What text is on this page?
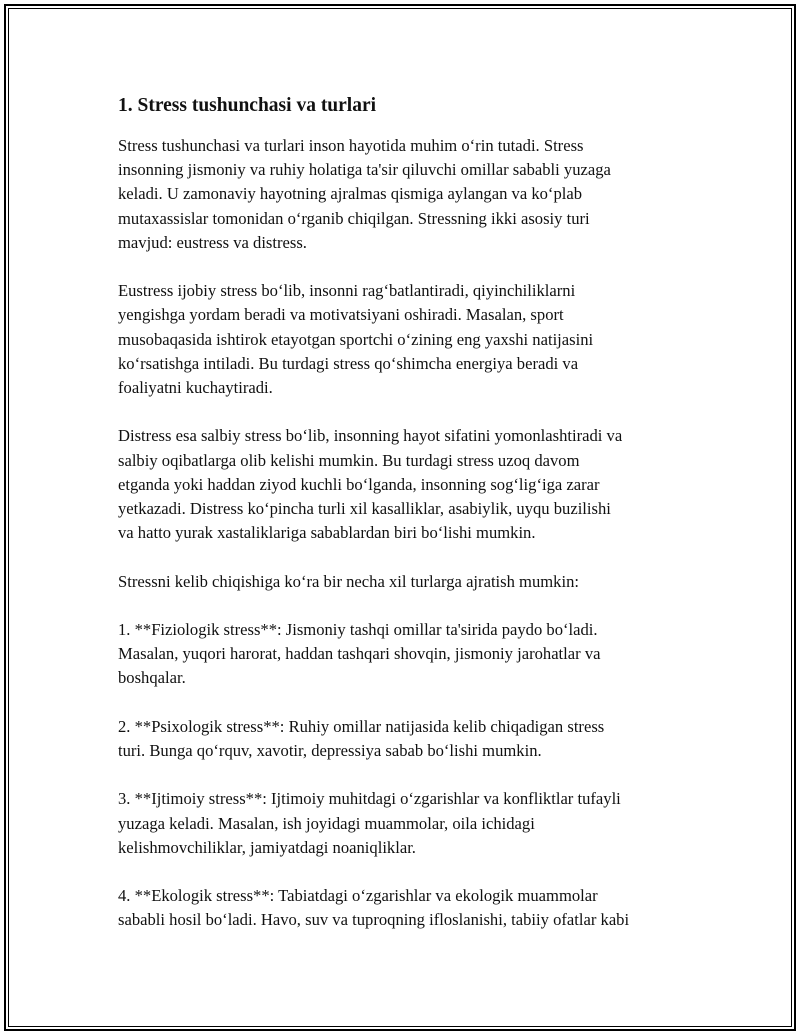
1. Stress tushunchasi va turlari

Stress tushunchasi va turlari inson hayotida muhim o‘rin tutadi. Stress
insonning jismoniy va ruhiy holatiga ta'sir qiluvchi omillar sababli yuzaga
keladi. U zamonaviy hayotning ajralmas qismiga aylangan va ko‘plab
mutaxassislar tomonidan o‘rganib chiqilgan. Stressning ikki asosiy turi
mavjud: eustress va distress.

Eustress ijobiy stress bo‘lib, insonni rag‘batlantiradi, qiyinchiliklarni
yengishga yordam beradi va motivatsiyani oshiradi. Masalan, sport
musobaqasida ishtirok etayotgan sportchi o‘zining eng yaxshi natijasini
ko‘rsatishga intiladi. Bu turdagi stress qo‘shimcha energiya beradi va
foaliyatni kuchaytiradi.

Distress esa salbiy stress bo‘lib, insonning hayot sifatini yomonlashtiradi va
salbiy oqibatlarga olib kelishi mumkin. Bu turdagi stress uzoq davom
etganda yoki haddan ziyod kuchli bo‘lganda, insonning sog‘lig‘iga zarar
yetkazadi. Distress ko‘pincha turli xil kasalliklar, asabiylik, uyqu buzilishi
va hatto yurak xastaliklariga sabablardan biri bo‘lishi mumkin.

Stressni kelib chiqishiga ko‘ra bir necha xil turlarga ajratish mumkin:

1. **Fiziologik stress**: Jismoniy tashqi omillar ta'sirida paydo bo‘ladi.
Masalan, yuqori harorat, haddan tashqari shovqin, jismoniy jarohatlar va
boshqalar.

2. **Psixologik stress**: Ruhiy omillar natijasida kelib chiqadigan stress
turi. Bunga qo‘rquv, xavotir, depressiya sabab bo‘lishi mumkin.

3. **Ijtimoiy stress**: Ijtimoiy muhitdagi o‘zgarishlar va konfliktlar tufayli
yuzaga keladi. Masalan, ish joyidagi muammolar, oila ichidagi
kelishmovchiliklar, jamiyatdagi noaniqliklar.

4. **Ekologik stress**: Tabiatdagi o‘zgarishlar va ekologik muammolar
sababli hosil bo‘ladi. Havo, suv va tuproqning ifloslanishi, tabiiy ofatlar kabi
